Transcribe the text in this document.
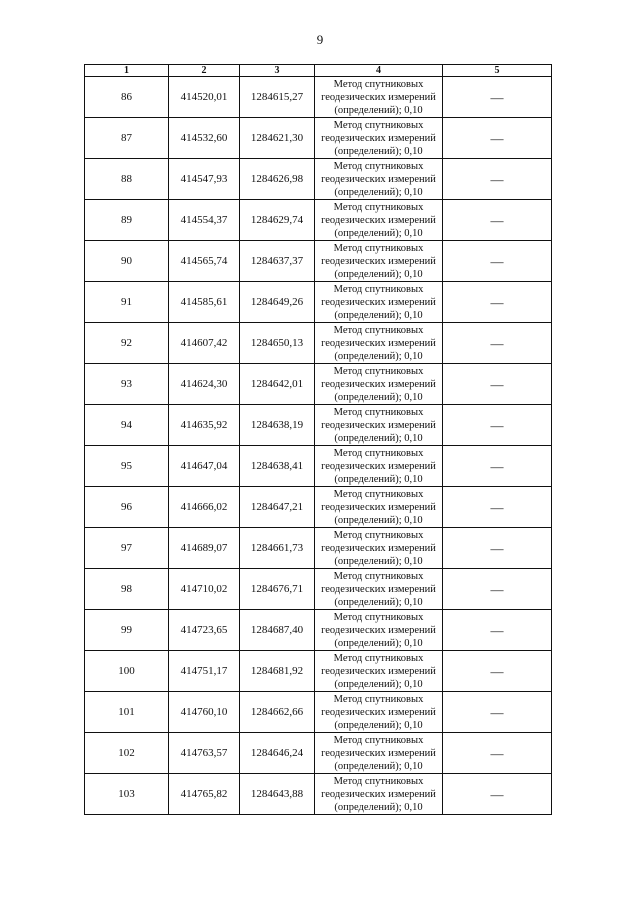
9
1	2	3	4	5
86	414520,01	1284615,27	Метод спутниковых
геодезических измерений
(определений); 0,10	—
87	414532,60	1284621,30	Метод спутниковых
геодезических измерений
(определений); 0,10	—
88	414547,93	1284626,98	Метод спутниковых
геодезических измерений
(определений); 0,10	—
89	414554,37	1284629,74	Метод спутниковых
геодезических измерений
(определений); 0,10	—
90	414565,74	1284637,37	Метод спутниковых
геодезических измерений
(определений); 0,10	—
91	414585,61	1284649,26	Метод спутниковых
геодезических измерений
(определений); 0,10	—
92	414607,42	1284650,13	Метод спутниковых
геодезических измерений
(определений); 0,10	—
93	414624,30	1284642,01	Метод спутниковых
геодезических измерений
(определений); 0,10	—
94	414635,92	1284638,19	Метод спутниковых
геодезических измерений
(определений); 0,10	—
95	414647,04	1284638,41	Метод спутниковых
геодезических измерений
(определений); 0,10	—
96	414666,02	1284647,21	Метод спутниковых
геодезических измерений
(определений); 0,10	—
97	414689,07	1284661,73	Метод спутниковых
геодезических измерений
(определений); 0,10	—
98	414710,02	1284676,71	Метод спутниковых
геодезических измерений
(определений); 0,10	—
99	414723,65	1284687,40	Метод спутниковых
геодезических измерений
(определений); 0,10	—
100	414751,17	1284681,92	Метод спутниковых
геодезических измерений
(определений); 0,10	—
101	414760,10	1284662,66	Метод спутниковых
геодезических измерений
(определений); 0,10	—
102	414763,57	1284646,24	Метод спутниковых
геодезических измерений
(определений); 0,10	—
103	414765,82	1284643,88	Метод спутниковых
геодезических измерений
(определений); 0,10	—
